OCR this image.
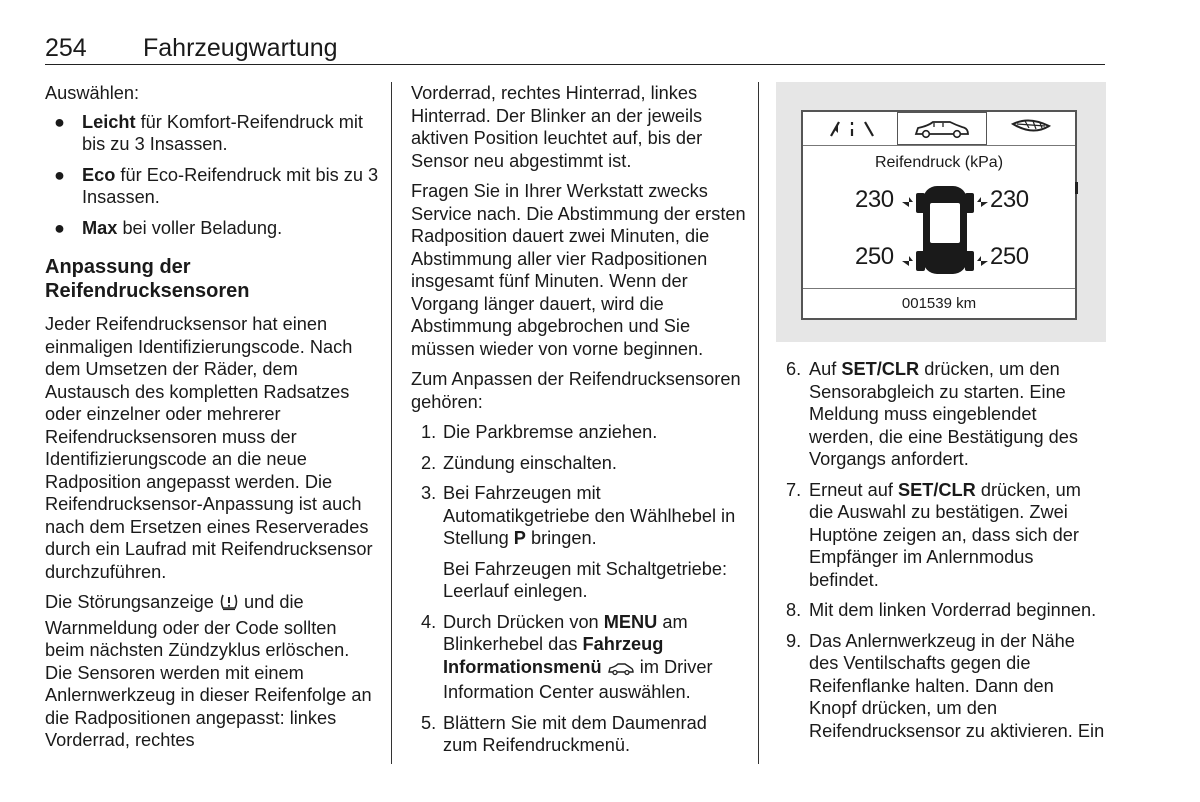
254 Fahrzeugwartung

Auswählen:

● Leicht für Komfort-Reifendruck mit bis zu 3 Insassen.
● Eco für Eco-Reifendruck mit bis zu 3 Insassen.
● Max bei voller Beladung.
Anpassung der Reifendrucksensoren

Jeder Reifendrucksensor hat einen einmaligen Identifizierungscode. Nach dem Umsetzen der Räder, dem Austausch des kompletten Radsatzes oder einzelner oder mehrerer Reifendrucksensoren muss der Identifizierungscode an die neue Radposition angepasst werden. Die Reifendrucksensor-Anpassung ist auch nach dem Ersetzen eines Reserverades durch ein Laufrad mit Reifendrucksensor durchzuführen.

Die Störungsanzeige  und die Warnmeldung oder der Code sollten beim nächsten Zündzyklus erlöschen. Die Sensoren werden mit einem Anlernwerkzeug in dieser Reifenfolge an die Radpositionen angepasst: linkes Vorderrad, rechtes

Vorderrad, rechtes Hinterrad, linkes Hinterrad. Der Blinker an der jeweils aktiven Position leuchtet auf, bis der Sensor neu abgestimmt ist.

Fragen Sie in Ihrer Werkstatt zwecks Service nach. Die Abstimmung der ersten Radposition dauert zwei Minuten, die Abstimmung aller vier Radpositionen insgesamt fünf Minuten. Wenn der Vorgang länger dauert, wird die Abstimmung abgebrochen und Sie müssen wieder von vorne beginnen.

Zum Anpassen der Reifendrucksensoren gehören:

1. Die Parkbremse anziehen.
2. Zündung einschalten.
3. Bei Fahrzeugen mit Automatikgetriebe den Wählhebel in Stellung P bringen.
Bei Fahrzeugen mit Schaltgetriebe: Leerlauf einlegen.
4. Durch Drücken von MENU am Blinkerhebel das Fahrzeug Informationsmenü  im Driver Information Center auswählen.
5. Blättern Sie mit dem Daumenrad zum Reifendruckmenü.
Reifendruck (kPa)
230	230
250	250
001539 km
6. Auf SET/CLR drücken, um den Sensorabgleich zu starten. Eine Meldung muss eingeblendet werden, die eine Bestätigung des Vorgangs anfordert.
7. Erneut auf SET/CLR drücken, um die Auswahl zu bestätigen. Zwei Huptöne zeigen an, dass sich der Empfänger im Anlernmodus befindet.
8. Mit dem linken Vorderrad beginnen.
9. Das Anlernwerkzeug in der Nähe des Ventilschafts gegen die Reifenflanke halten. Dann den Knopf drücken, um den Reifendrucksensor zu aktivieren. Ein
